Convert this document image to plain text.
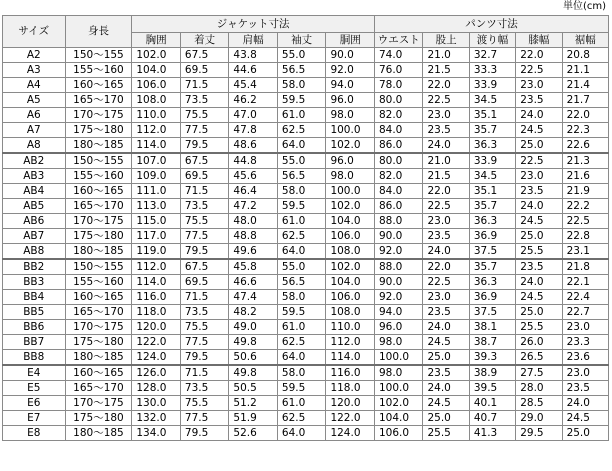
単位(cm)
サイズ	身長	ジャケット寸法					パンツ寸法				
		胸囲	着丈	肩幅	袖丈	胴囲	ウエスト	股上	渡り幅	膝幅	裾幅
A2	150～155	102.0	67.5	43.8	55.0	90.0	74.0	21.0	32.7	22.0	20.8
A3	155～160	104.0	69.5	44.6	56.5	92.0	76.0	21.5	33.3	22.5	21.1
A4	160～165	106.0	71.5	45.4	58.0	94.0	78.0	22.0	33.9	23.0	21.4
A5	165～170	108.0	73.5	46.2	59.5	96.0	80.0	22.5	34.5	23.5	21.7
A6	170～175	110.0	75.5	47.0	61.0	98.0	82.0	23.0	35.1	24.0	22.0
A7	175～180	112.0	77.5	47.8	62.5	100.0	84.0	23.5	35.7	24.5	22.3
A8	180～185	114.0	79.5	48.6	64.0	102.0	86.0	24.0	36.3	25.0	22.6
AB2	150～155	107.0	67.5	44.8	55.0	96.0	80.0	21.0	33.9	22.5	21.3
AB3	155～160	109.0	69.5	45.6	56.5	98.0	82.0	21.5	34.5	23.0	21.6
AB4	160～165	111.0	71.5	46.4	58.0	100.0	84.0	22.0	35.1	23.5	21.9
AB5	165～170	113.0	73.5	47.2	59.5	102.0	86.0	22.5	35.7	24.0	22.2
AB6	170～175	115.0	75.5	48.0	61.0	104.0	88.0	23.0	36.3	24.5	22.5
AB7	175～180	117.0	77.5	48.8	62.5	106.0	90.0	23.5	36.9	25.0	22.8
AB8	180～185	119.0	79.5	49.6	64.0	108.0	92.0	24.0	37.5	25.5	23.1
BB2	150～155	112.0	67.5	45.8	55.0	102.0	88.0	22.0	35.7	23.5	21.8
BB3	155～160	114.0	69.5	46.6	56.5	104.0	90.0	22.5	36.3	24.0	22.1
BB4	160～165	116.0	71.5	47.4	58.0	106.0	92.0	23.0	36.9	24.5	22.4
BB5	165～170	118.0	73.5	48.2	59.5	108.0	94.0	23.5	37.5	25.0	22.7
BB6	170～175	120.0	75.5	49.0	61.0	110.0	96.0	24.0	38.1	25.5	23.0
BB7	175～180	122.0	77.5	49.8	62.5	112.0	98.0	24.5	38.7	26.0	23.3
BB8	180～185	124.0	79.5	50.6	64.0	114.0	100.0	25.0	39.3	26.5	23.6
E4	160～165	126.0	71.5	49.8	58.0	116.0	98.0	23.5	38.9	27.5	23.0
E5	165～170	128.0	73.5	50.5	59.5	118.0	100.0	24.0	39.5	28.0	23.5
E6	170～175	130.0	75.5	51.2	61.0	120.0	102.0	24.5	40.1	28.5	24.0
E7	175～180	132.0	77.5	51.9	62.5	122.0	104.0	25.0	40.7	29.0	24.5
E8	180～185	134.0	79.5	52.6	64.0	124.0	106.0	25.5	41.3	29.5	25.0
